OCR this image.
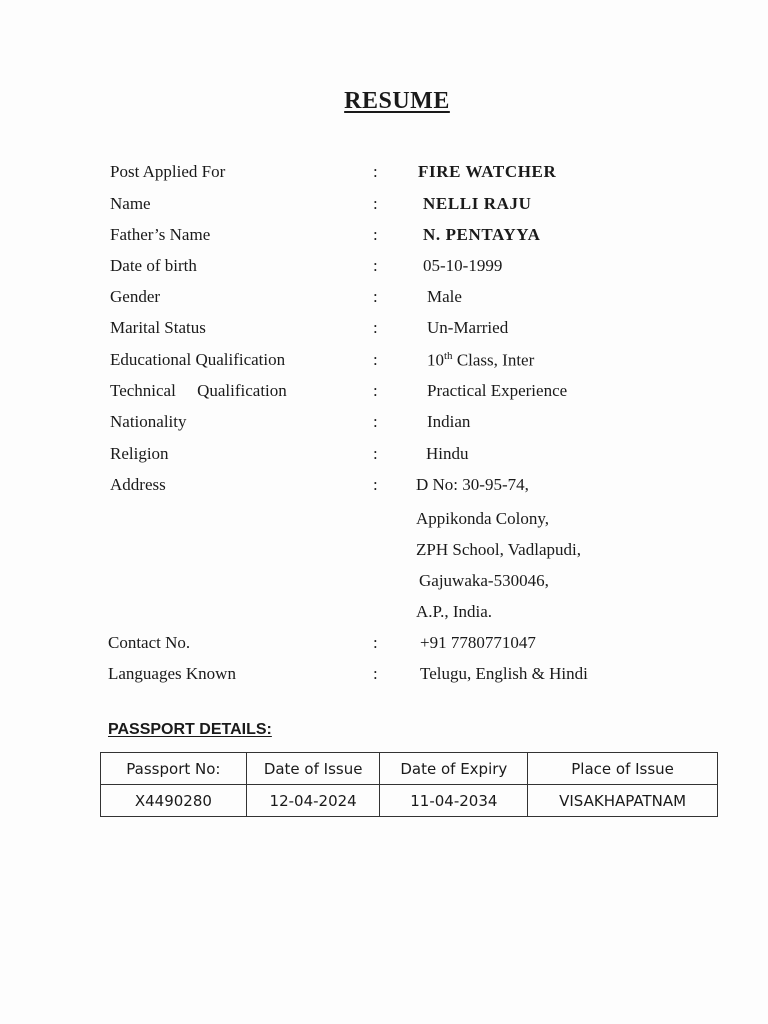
RESUME
Post Applied For	: FIRE WATCHER
Name	:	NELLI RAJU
Father’s Name	:	N. PENTAYYA
Date of birth	:	05-10-1999
Gender	:	Male
Marital Status	:	Un-Married
Educational Qualification	:	10th Class, Inter
Technical     Qualification	:	Practical Experience
Nationality	:	Indian
Religion	:	Hindu
Address	: D No: 30-95-74,
Appikonda Colony,
ZPH School, Vadlapudi,
Gajuwaka-530046,
A.P., India.
Contact No.	: +91 7780771047
Languages Known	: Telugu, English & Hindi
PASSPORT DETAILS:
Passport No:	Date of Issue	Date of Expiry	Place of Issue
X4490280	12-04-2024	11-04-2034	VISAKHAPATNAM
